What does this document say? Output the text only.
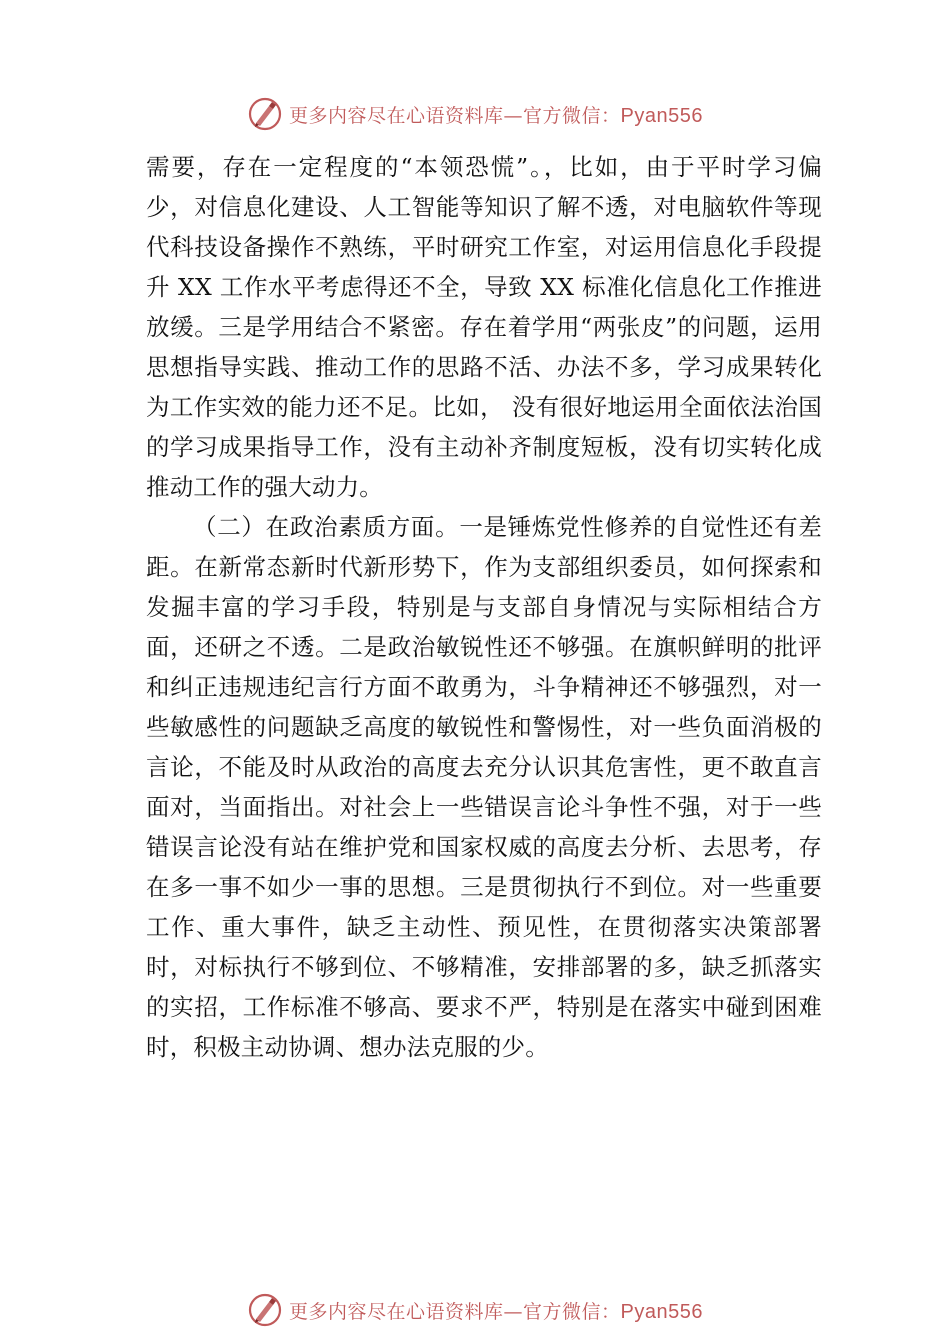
更多内容尽在心语资料库—官方微信：Pyan556

需要，存在一定程度的“本领恐慌”。，比如，由于平时学习偏少，对信息化建设、人工智能等知识了解不透，对电脑软件等现代科技设备操作不熟练，平时研究工作室，对运用信息化手段提升 XX 工作水平考虑得还不全，导致 XX 标准化信息化工作推进放缓。三是学用结合不紧密。存在着学用“两张皮”的问题，运用思想指导实践、推动工作的思路不活、办法不多，学习成果转化为工作实效的能力还不足。比如， 没有很好地运用全面依法治国的学习成果指导工作，没有主动补齐制度短板，没有切实转化成推动工作的强大动力。

（二）在政治素质方面。一是锤炼党性修养的自觉性还有差距。在新常态新时代新形势下，作为支部组织委员，如何探索和发掘丰富的学习手段，特别是与支部自身情况与实际相结合方面，还研之不透。二是政治敏锐性还不够强。在旗帜鲜明的批评和纠正违规违纪言行方面不敢勇为，斗争精神还不够强烈，对一些敏感性的问题缺乏高度的敏锐性和警惕性，对一些负面消极的言论，不能及时从政治的高度去充分认识其危害性，更不敢直言面对，当面指出。对社会上一些错误言论斗争性不强，对于一些错误言论没有站在维护党和国家权威的高度去分析、去思考，存在多一事不如少一事的思想。三是贯彻执行不到位。对一些重要工作、重大事件，缺乏主动性、预见性，在贯彻落实决策部署时，对标执行不够到位、不够精准，安排部署的多，缺乏抓落实的实招，工作标准不够高、要求不严，特别是在落实中碰到困难时，积极主动协调、想办法克服的少。

更多内容尽在心语资料库—官方微信：Pyan556
